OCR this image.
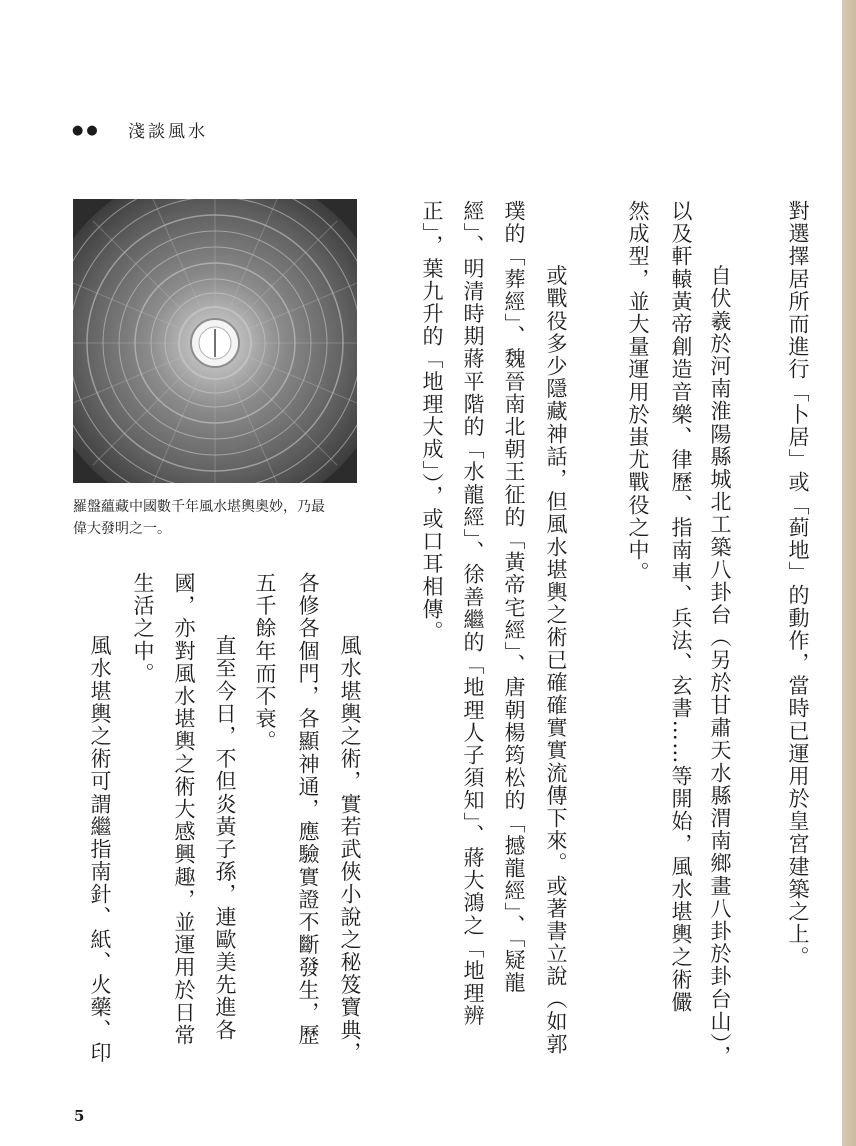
●● 淺談風水
羅盤蘊藏中國數千年風水堪輿奧妙，乃最
偉大發明之一。	對選擇居所而進行「卜居」或「蓟地」的動作，當時已運用於皇宮建築之上。
　自伏羲於河南淮陽縣城北工築八卦台（另於甘肅天水縣渭南鄉畫八卦於卦台山），
以及軒轅黃帝創造音樂、律歷、指南車、兵法、玄書……等開始，風水堪輿之術儼
然成型，並大量運用於蚩尤戰役之中。
　或戰役多少隱藏神話，但風水堪輿之術已確確實實流傳下來。或著書立說（如郭
璞的「葬經」、魏晉南北朝王征的「黃帝宅經」、唐朝楊筠松的「撼龍經」、「疑龍
經」、明清時期蔣平階的「水龍經」、徐善繼的「地理人子須知」、蔣大鴻之「地理辨
正」，葉九升的「地理大成」），或口耳相傳。
　風水堪輿之術，實若武俠小說之秘笈寶典，
各修各個門，各顯神通，應驗實證不斷發生，歷
五千餘年而不衰。
　直至今日，不但炎黃子孫，連歐美先進各
國，亦對風水堪輿之術大感興趣，並運用於日常
生活之中。
　風水堪輿之術可謂繼指南針、紙、火藥、印
5
